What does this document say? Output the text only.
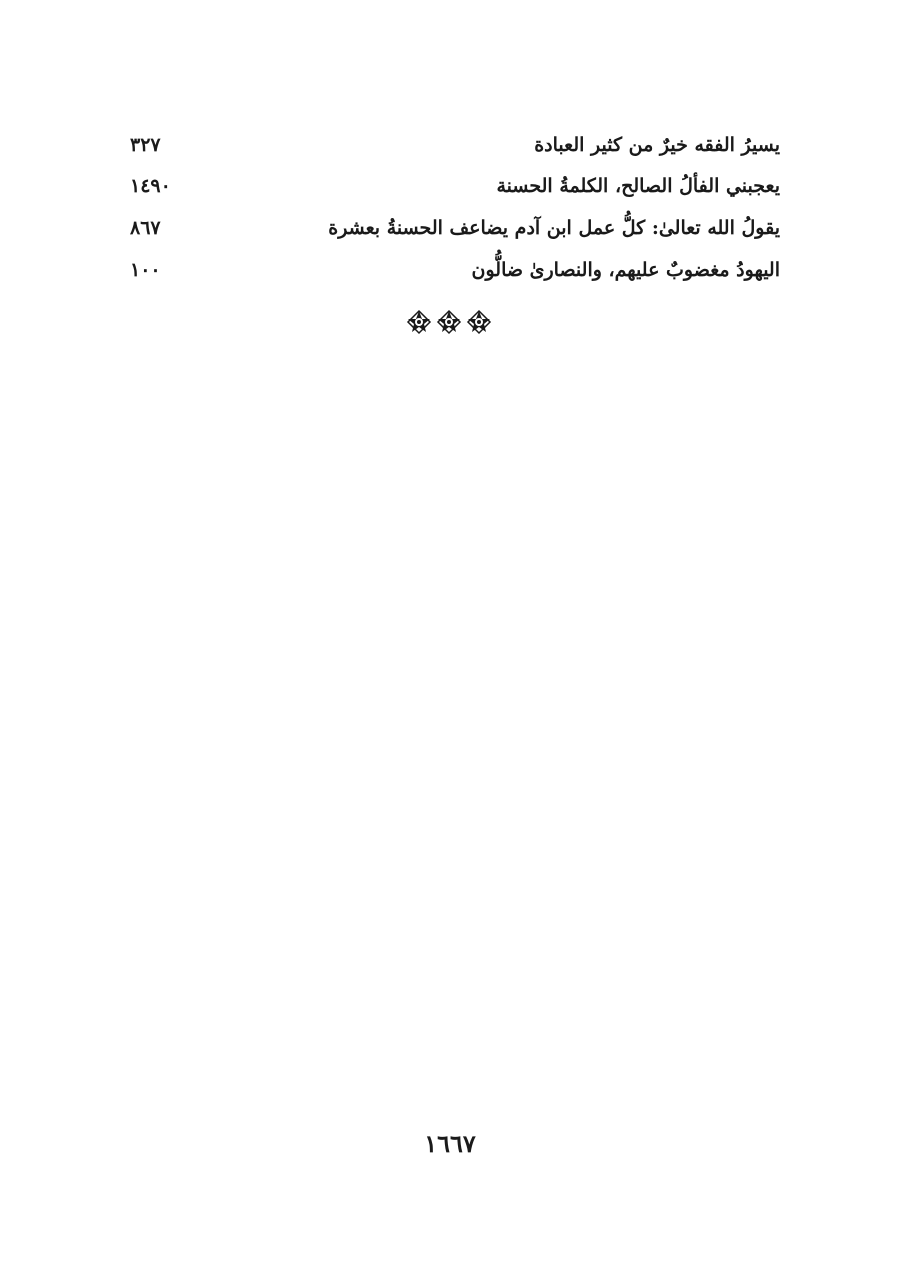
يسيرُ الفقه خيرٌ من كثير العبادة
٣٢٧
يعجبني الفألُ الصالح، الكلمةُ الحسنة
١٤٩٠
يقولُ الله تعالىٰ: كلُّ عمل ابن آدم يضاعف الحسنةُ بعشرة
٨٦٧
اليهودُ مغضوبٌ عليهم، والنصارىٰ ضالُّون
١٠٠
١٦٦٧
